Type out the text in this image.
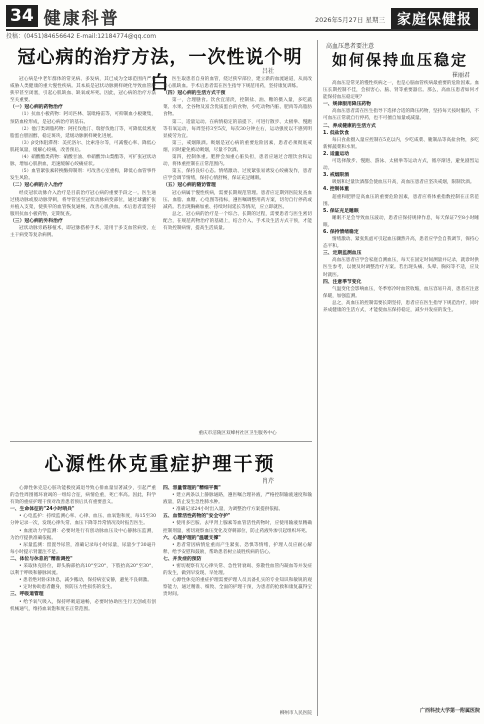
34 健康科普	2026年5月27日 星期三 家庭保健报
投稿：(0451)84656642 E-mail:12184774@qq.com
冠心病的治疗方法，一次性说个明白
吕社

冠心病是中老年群体的常见病、多发病，其已成为全球范围内严重威胁人类健康的重大慢性疾病。其本质是冠状动脉粥样硬化导致血管腔狭窄甚至闭塞，引起心肌缺血、缺氧或坏死。因此，冠心病的治疗方法至关重要。

（一）冠心病的药物治疗

（1）抗血小板药物：阿司匹林、氯吡格雷等，可抑制血小板聚集，预防血栓形成，是冠心病治疗的基石。

（2）他汀类调脂药物：阿托伐他汀、瑞舒伐他汀等，可降低低密度脂蛋白胆固醇，稳定斑块，延缓动脉粥样硬化进展。

（3）β受体阻滞剂：美托洛尔、比索洛尔等，可减慢心率、降低心肌耗氧量，缓解心绞痛，改善预后。

（4）硝酸酯类药物：硝酸甘油、单硝酸异山梨酯等，可扩张冠状动脉，增加心肌供血，迅速缓解心绞痛症状。

（5）血管紧张素转换酶抑制剂：可改善心室重构，降低心血管事件发生风险。

（二）冠心病的介入治疗

经皮冠状动脉介入治疗是目前治疗冠心病的重要手段之一。医生通过桡动脉或股动脉穿刺，将导管送至冠状动脉病变部位，通过球囊扩张并植入支架，使狭窄的血管恢复通畅，改善心肌供血。术后患者需坚持服用抗血小板药物，定期复查。

（三）冠心病的外科治疗

冠状动脉旁路移植术，即冠脉搭桥手术，适用于多支血管病变、左主干病变等复杂病例。

医生取患者自身的血管，绕过狭窄部位，建立新的血流通道，从而改善心肌缺血。手术后患者需在医生指导下规范用药，坚持康复训练。

（四）冠心病的生活方式干预

第一，合理膳食。饮食宜清淡，控制盐、油、糖的摄入量，多吃蔬菜、水果、全谷物及富含优质蛋白的食物，少吃动物内脏、肥肉等高脂肪食物。

第二，适量运动。在病情稳定的前提下，可进行散步、太极拳、慢跑等有氧运动，每周坚持3至5次，每次30分钟左右，运动强度以不感到明显疲劳为宜。

第三，戒烟限酒。吸烟是冠心病的重要危险因素，患者必须彻底戒烟，同时避免被动吸烟，尽量不饮酒。

第四，控制体重。肥胖会加重心脏负担，患者应通过合理饮食和运动，将体重控制在正常范围内。

第五，保持良好心态。情绪激动、过度紧张易诱发心绞痛发作，患者应学会调节情绪，保持心情舒畅，保证充足睡眠。

（五）冠心病的随访管理

冠心病属于慢性疾病，需要长期规范管理。患者应定期到医院复查血压、血脂、血糖、心电图等指标，遵医嘱调整用药方案，切勿自行停药或减药。若出现胸痛加重、持续时间延长等情况，应立即就医。

总之，冠心病的治疗是一个综合、长期的过程，需要患者与医生密切配合，在规范药物治疗的基础上，结合介入、手术及生活方式干预，才能有效控制病情，提高生活质量。

重庆市涪陵区双峰村社区卫生服务中心
心源性休克重症护理干预
肖芹

心源性休克是心脏功能极度减退导致心排血量显著减少，引起严重的急性周围循环衰竭的一组综合征，病情危重，死亡率高。因此，科学有效的重症护理干预对改善患者预后具有重要意义。

一、生命体征的"24小时哨兵"

• 心电监护：持续监测心率、心律、血压、血氧饱和度，每15至30分钟记录一次，发现心律失常、血压下降等异常情况及时报告医生。

• 血流动力学监测：必要时进行有创动脉血压及中心静脉压监测，为治疗提供准确依据。

• 尿量监测：留置导尿管，准确记录每小时尿量，尿量少于30毫升每小时提示肾灌注不足。

二、体位与休息的"精准调控"

• 采取休克卧位，即头胸部抬高10°至20°，下肢抬高20°至30°，以利于呼吸和静脉回流。

• 患者绝对卧床休息，减少搬动，保持病室安静，避免不良刺激。

• 定时协助患者翻身，预防压力性损伤的发生。

三、呼吸道管理

• 给予氧气吸入，保持呼吸道通畅，必要时协助医生行无创或有创机械通气，维持血氧饱和度在正常范围。

四、容量管理的"精细平衡"

• 建立两条以上静脉通路，遵医嘱合理补液，严格控制输液速度和输液量，防止发生急性肺水肿。

• 准确记录24小时出入量，为调整治疗方案提供依据。

五、血管活性药物的"安全守护"

• 使用多巴胺、去甲肾上腺素等血管活性药物时，应使用输液泵精确控制剂量，密切观察血压变化及穿刺部位，防止药液外渗引起组织坏死。

六、心理护理的"温暖支撑"

• 患者常因病情危重而产生紧张、恐惧等情绪，护理人员应耐心解释，给予安慰和鼓励，帮助患者树立战胜疾病的信心。

七、并发症的预防

• 密切观察有无心律失常、急性肾衰竭、弥散性血管内凝血等并发症的发生，做到早发现、早处理。

心源性休克的重症护理需要护理人员具备扎实的专业知识和敏锐的观察能力，通过精准、细致、全面的护理干预，为患者的抢救和康复赢得宝贵时间。

柳州市人民医院
高血压患者要注意
如何保持血压稳定
崔丽君

高血压是常见的慢性疾病之一，也是心脑血管疾病最重要的危险因素。血压长期控制不佳，会损害心、脑、肾等重要器官。那么，高血压患者如何才能保持血压稳定呢？

一、规律服用降压药物

高血压患者需在医生指导下选择合适的降压药物，坚持每天按时服药，不可血压正常就自行停药，也不可擅自加量或减量。

二、养成健康的生活方式
1. 低盐饮食

每日食盐摄入量应控制在5克以内，少吃咸菜、腌制品等高盐食物，多吃新鲜蔬菜和水果。

2. 适量运动

可选择散步、慢跑、游泳、太极拳等运动方式，循序渐进，避免剧烈运动。

3. 戒烟限酒

吸烟和过量饮酒都会使血压升高，高血压患者应坚决戒烟，限制饮酒。

4. 控制体重

超重和肥胖是高血压的重要危险因素，患者应将体重指数控制在正常范围。

5. 保证充足睡眠

睡眠不足会导致血压波动，患者应保持规律作息，每天保证7至8小时睡眠。

6. 保持情绪稳定

情绪激动、紧张焦虑可引起血压骤然升高，患者应学会自我调节，保持心态平和。

三、定期监测血压

高血压患者应学会家庭自测血压，每天在固定时间测量并记录，就诊时供医生参考，以便及时调整治疗方案。若出现头痛、头晕、胸闷等不适，应及时就医。

四、注意季节变化

气温变化会影响血压，冬季寒冷时血管收缩，血压容易升高，患者应注意保暖，加强监测。

总之，高血压的控制需要长期坚持，患者应在医生指导下规范治疗，同时养成健康的生活方式，才能使血压保持稳定，减少并发症的发生。

广西科技大学第一附属医院
